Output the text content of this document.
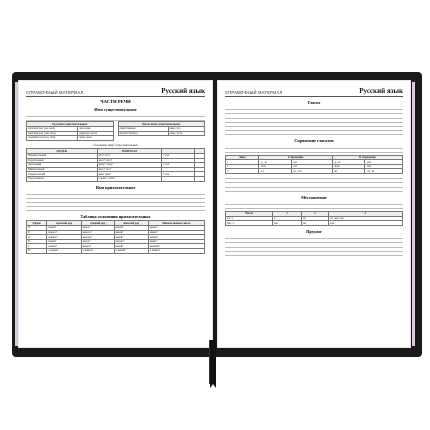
СПРАВОЧНЫЙ МАТЕРИАЛ	Русский язык
ЧАСТИ РЕЧИ
Имя существительное
Род имен существительных	
мужской род (он, мой)	дом, конь
женский род (она, моя)	природа, мечта
средний род (оно, моё)	окно, поле
Число имен существительных	
единственное	река, луч
множественное	реки, лучи
Склонение имен существительных
ПАДЕЖ	ВОПРОСЫ		
Именительный	кто? что?	1 скл.	
Родительный	кого? чего?		
Дательный	кому? чему?	2 скл.	
Винительный	кого? что?		
Творительный	кем? чем?	3 скл.	
Предложный	о ком? о чём?		
Имя прилагательное
Таблица склонения прилагательных
Падеж	мужской род	средний род	женский род	Множественное число
И.	какой?	какое?	какая?	какие?
Р.	какого?	какого?	какой?	каких?
Д.	какому?	какому?	какой?	каким?
В.	какой?	какое?	какую?	какие?
Т.	каким?	каким?	какой?	какими?
П.	о каком?	о каком?	о какой?	о каких?
СПРАВОЧНЫЙ МАТЕРИАЛ	Русский язык
Глагол
Спряжение глаголов
Лицо	I спряжение		II спряжение	
1	-у, -ю	-ем	-у, -ю	-им
2	-ешь	-ете	-ишь	-ите
3	-ет	-ут, -ют	-ит	-ат, -ят
Местоимение
Число	1	2	3
Ед. ч.	я	ты	он, она, оно
Мн. ч.	мы	вы	они
Предлог
